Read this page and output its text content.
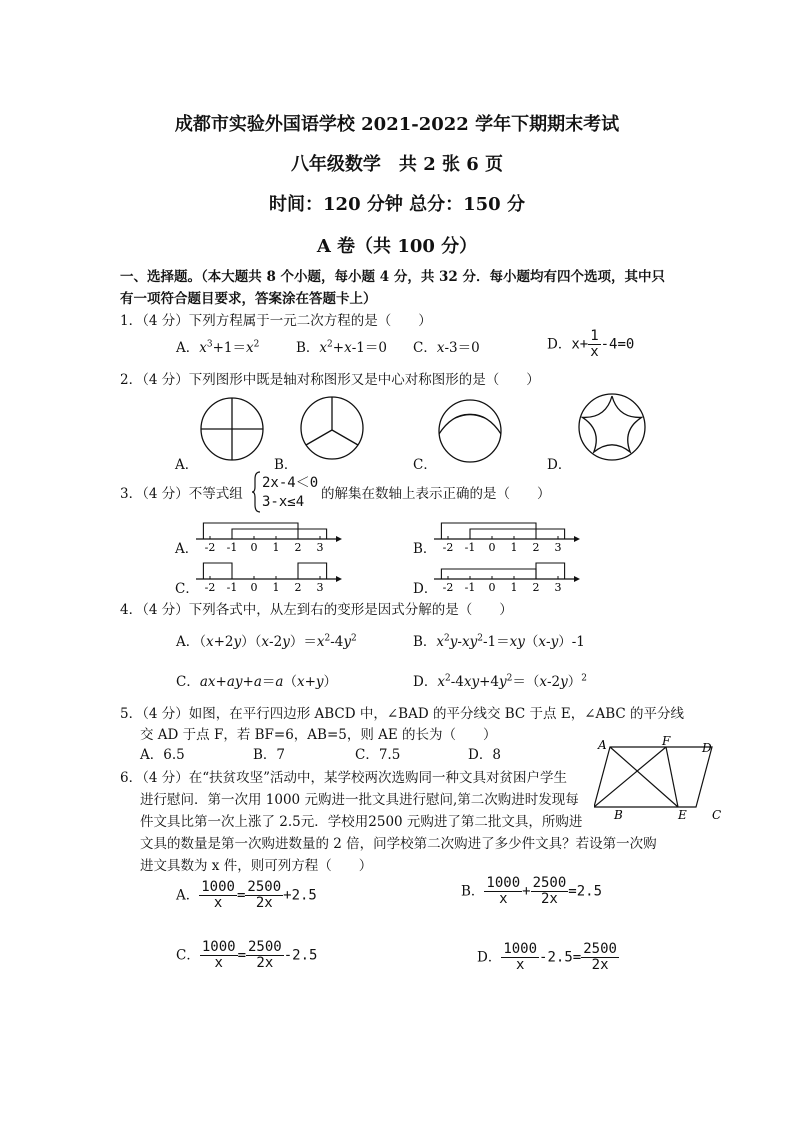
成都市实验外国语学校 2021-2022 学年下期期末考试
八年级数学　共 2 张 6 页
时间：120 分钟 总分：150 分
A 卷（共 100 分）
一、选择题。（本大题共 8 个小题，每小题 4 分，共 32 分．每小题均有四个选项，其中只
有一项符合题目要求，答案涂在答题卡上）
1．（4 分）下列方程属于一元二次方程的是（　　）
A．$x^3+1=x^2$	B．$x^2+x-1=0$ C．x-3＝0	D．$x+ \frac{1}{x} -4=0$
2．（4 分）下列图形中既是轴对称图形又是中心对称图形的是（　　）
A．	B．	C．	D．
3．（4 分）不等式组
2x-4＜0
3-x≤4 的解集在数轴上表示正确的是（　　）
A．	B．
C．	D．
-2 -1 0 1 2 3	-2 -1 0 1 2 3
-2 -1 0 1 2 3	-2 -1 0 1 2 3
4．（4 分）下列各式中，从左到右的变形是因式分解的是（　　）
A．$(x+2y)(x-2y)=x^2-4y^2$	B．$x^2y-xy^2-1=xy(x-y)-1$
C．ax+ay+a＝a（x+y）	D．$x^2-4xy+4y^2=(x-2y)^2$
5．（4 分）如图，在平行四边形 ABCD 中，∠BAD 的平分线交 BC 于点 E，∠ABC 的平分线
交 AD 于点 F，若 BF=6，AB=5，则 AE 的长为（　　）
A．6.5	B．7	C．7.5	D．8
A	F	D
B	E C
6．（4 分）在“扶贫攻坚”活动中，某学校两次选购同一种文具对贫困户学生
进行慰问．第一次用 1000 元购进一批文具进行慰问,第二次购进时发现每
件文具比第一次上涨了 2.5元．学校用2500 元购进了第二批文具，所购进
文具的数量是第一次购进数量的 2 倍，问学校第二次购进了多少件文具？若设第一次购
进文具数为 x 件，则可列方程（　　）
A． $\frac{1000}{x} = \frac{2500}{2x} +2.5$	B． $\frac{1000}{x} + \frac{2500}{2x} =2.5$
C． $\frac{1000}{x} = \frac{2500}{2x} -2.5$	D． $\frac{1000}{x} -2.5= \frac{2500}{2x}$
